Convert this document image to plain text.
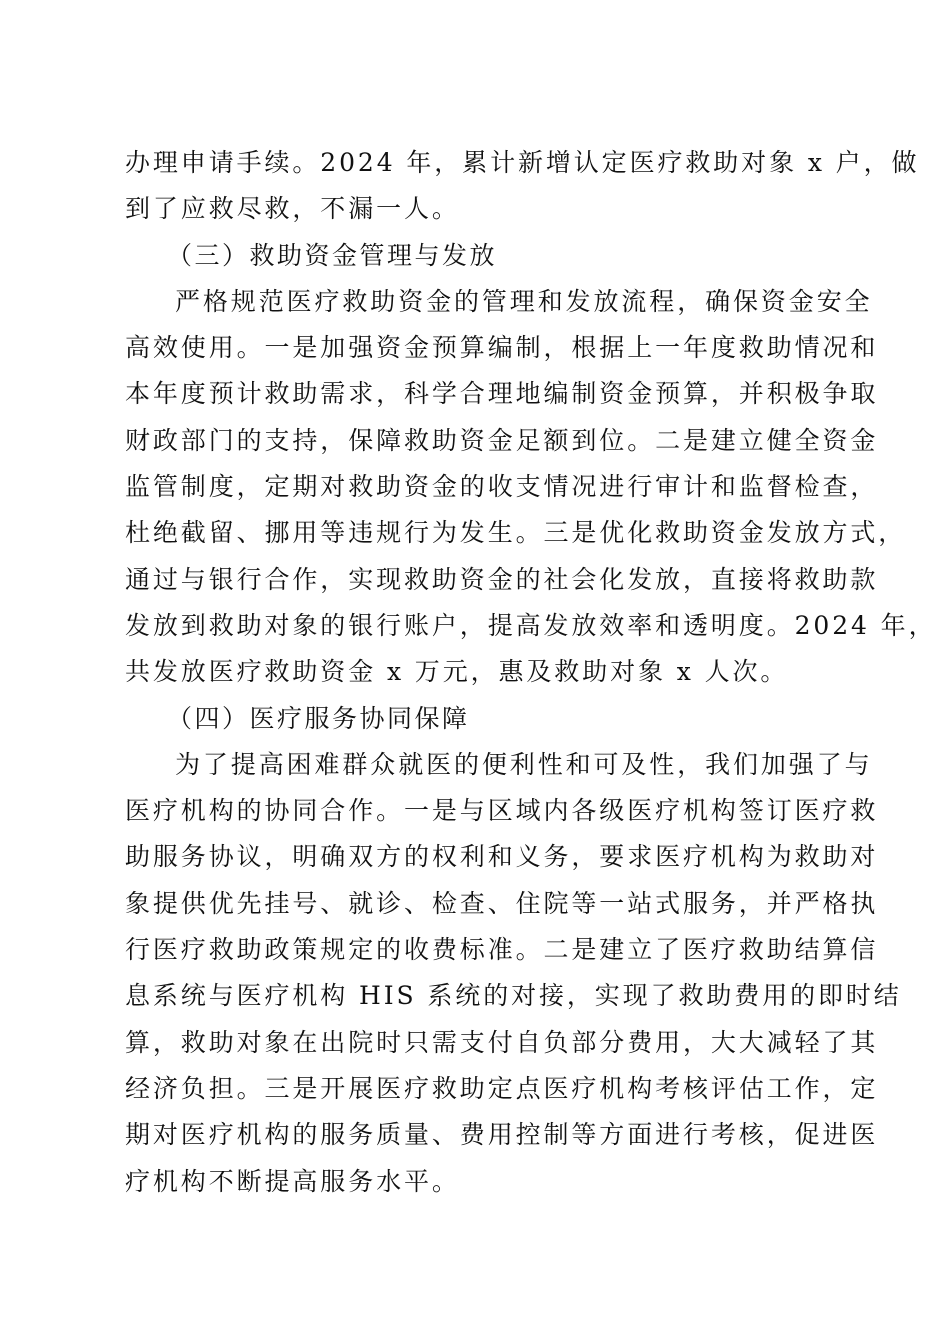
办理申请手续。2024 年，累计新增认定医疗救助对象 x 户，做
到了应救尽救，不漏一人。
（三）救助资金管理与发放
严格规范医疗救助资金的管理和发放流程，确保资金安全
高效使用。一是加强资金预算编制，根据上一年度救助情况和
本年度预计救助需求，科学合理地编制资金预算，并积极争取
财政部门的支持，保障救助资金足额到位。二是建立健全资金
监管制度，定期对救助资金的收支情况进行审计和监督检查，
杜绝截留、挪用等违规行为发生。三是优化救助资金发放方式，
通过与银行合作，实现救助资金的社会化发放，直接将救助款
发放到救助对象的银行账户，提高发放效率和透明度。2024 年，
共发放医疗救助资金 x 万元，惠及救助对象 x 人次。
（四）医疗服务协同保障
为了提高困难群众就医的便利性和可及性，我们加强了与
医疗机构的协同合作。一是与区域内各级医疗机构签订医疗救
助服务协议，明确双方的权利和义务，要求医疗机构为救助对
象提供优先挂号、就诊、检查、住院等一站式服务，并严格执
行医疗救助政策规定的收费标准。二是建立了医疗救助结算信
息系统与医疗机构 HIS 系统的对接，实现了救助费用的即时结
算，救助对象在出院时只需支付自负部分费用，大大减轻了其
经济负担。三是开展医疗救助定点医疗机构考核评估工作，定
期对医疗机构的服务质量、费用控制等方面进行考核，促进医
疗机构不断提高服务水平。
